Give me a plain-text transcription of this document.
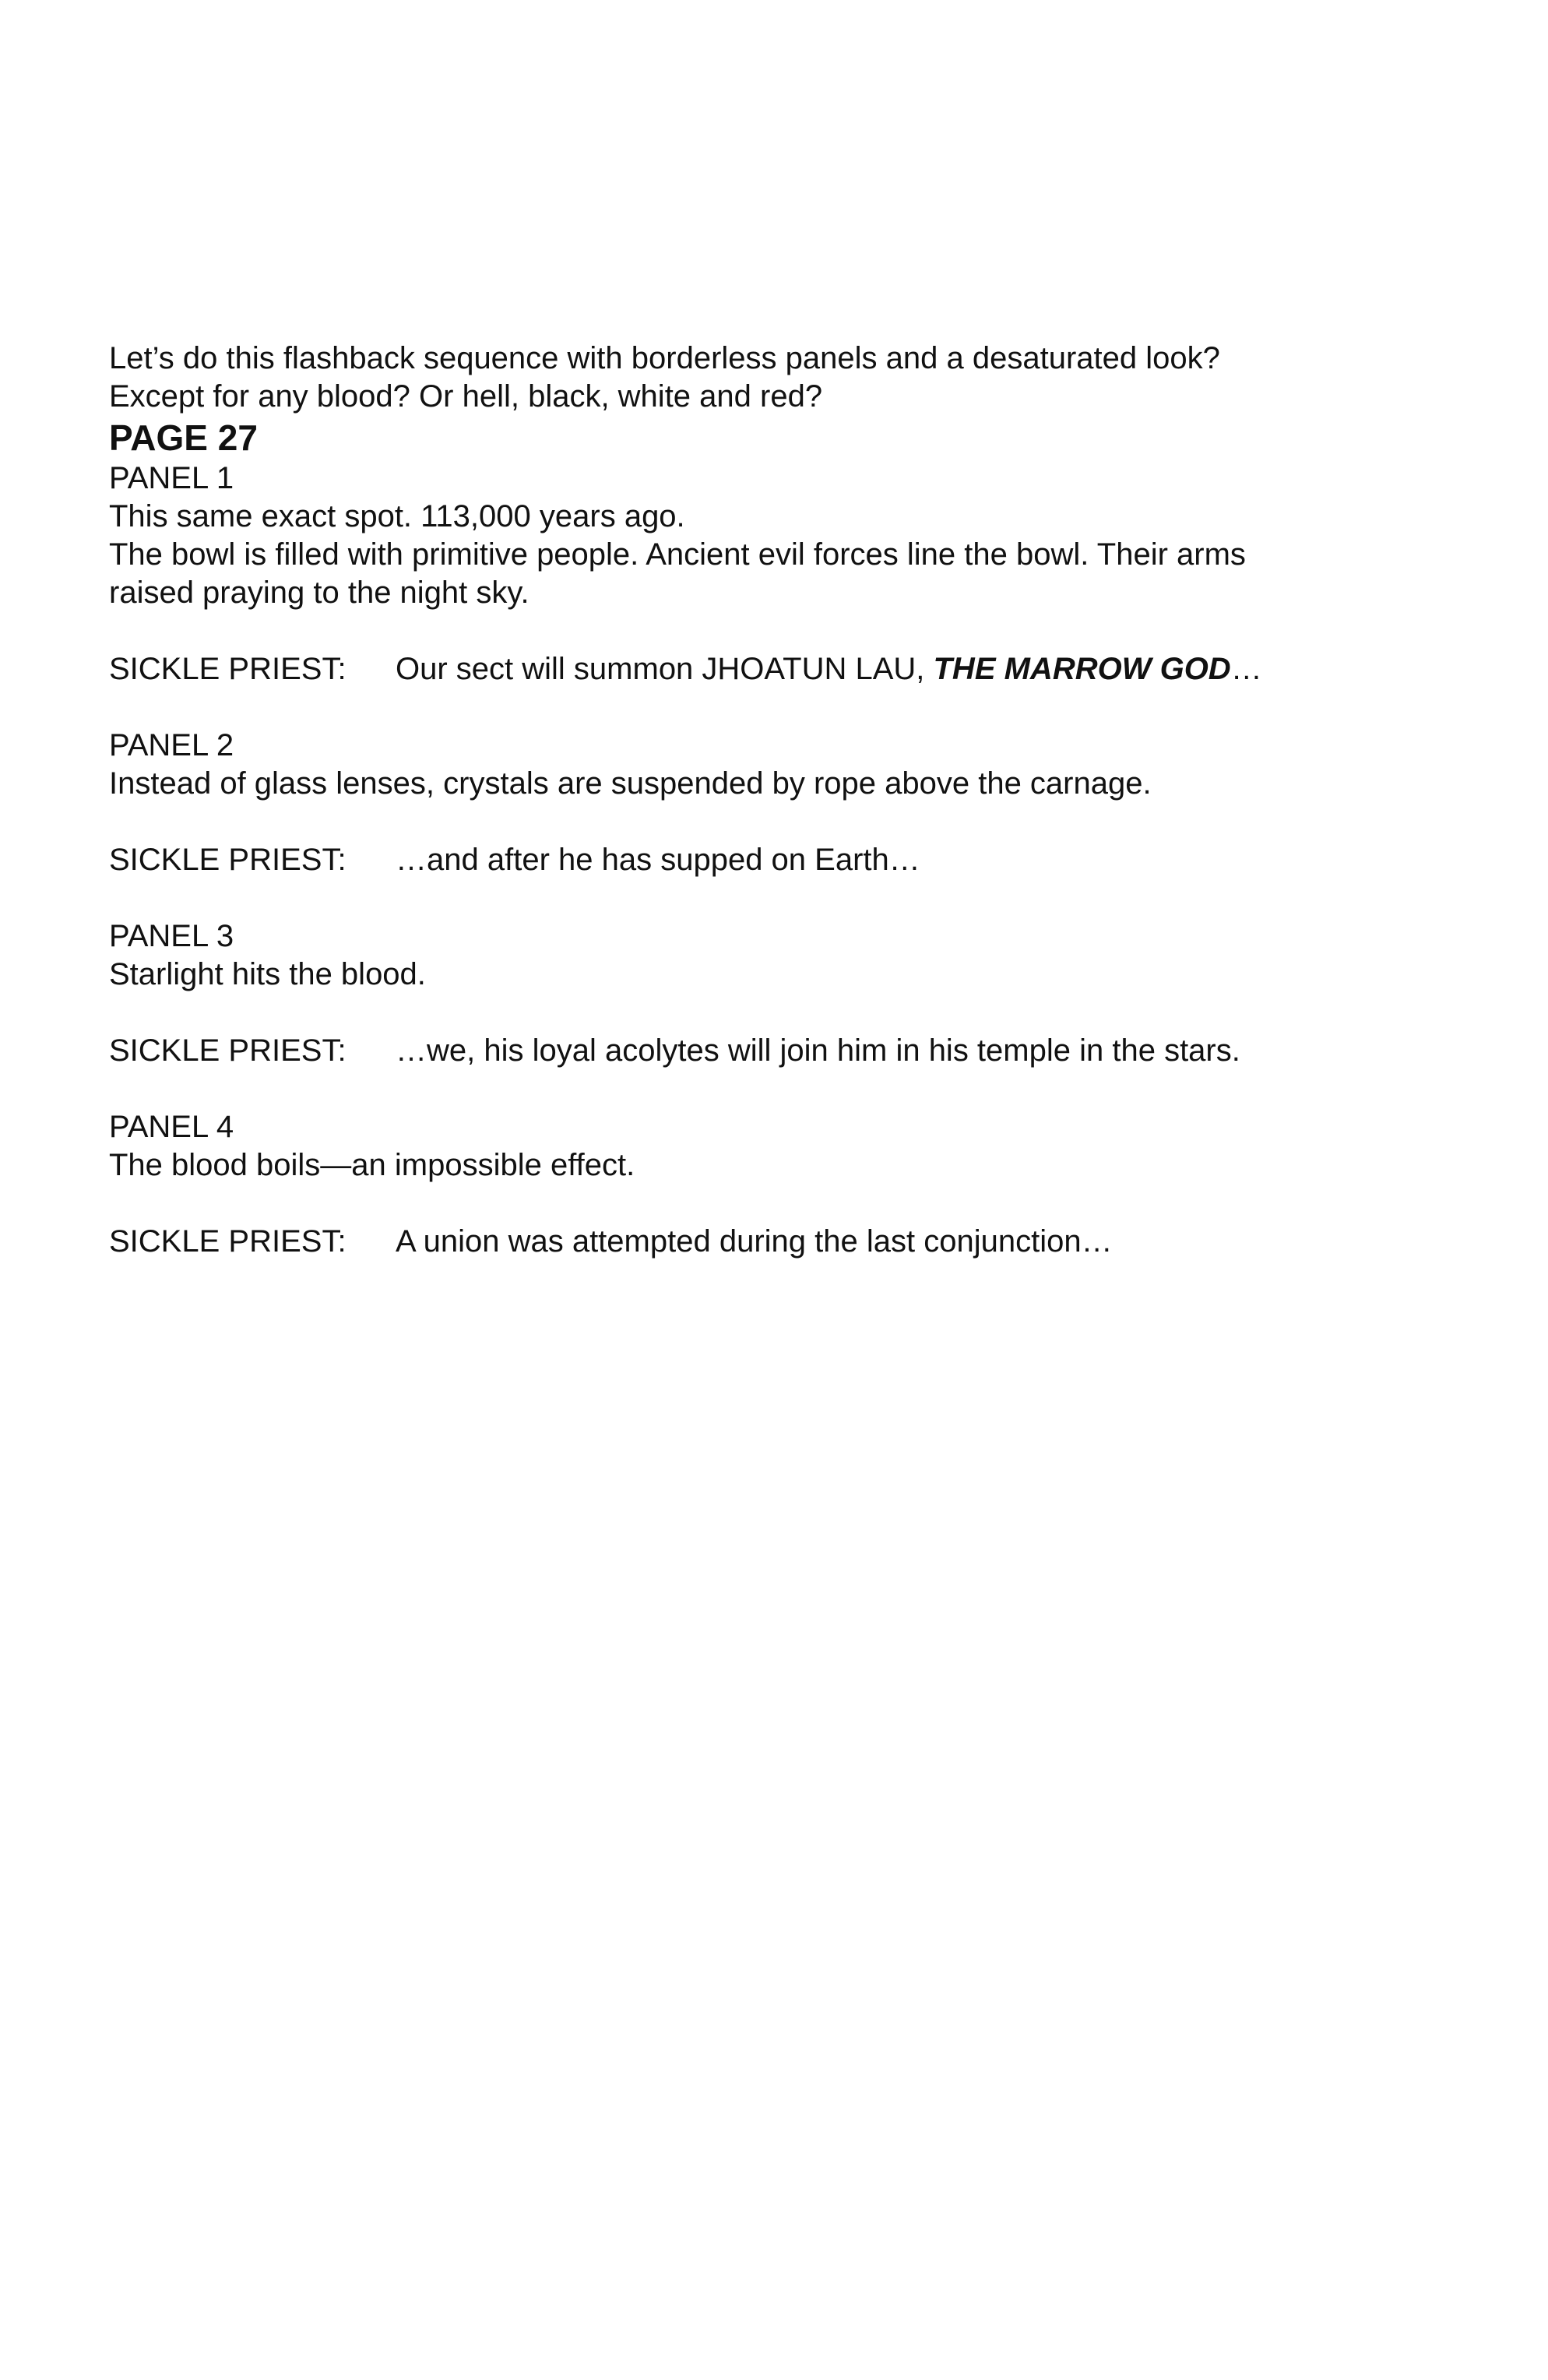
Let’s do this flashback sequence with borderless panels and a desaturated look?

Except for any blood? Or hell, black, white and red?

PAGE 27

PANEL 1

This same exact spot. 113,000 years ago.

The bowl is filled with primitive people. Ancient evil forces line the bowl. Their arms

raised praying to the night sky.

SICKLE PRIEST:	Our sect will summon JHOATUN LAU, THE MARROW GOD…

PANEL 2

Instead of glass lenses, crystals are suspended by rope above the carnage.

SICKLE PRIEST:	…and after he has supped on Earth…

PANEL 3

Starlight hits the blood.

SICKLE PRIEST:	…we, his loyal acolytes will join him in his temple in the stars.

PANEL 4

The blood boils—an impossible effect.

SICKLE PRIEST:	A union was attempted during the last conjunction…
